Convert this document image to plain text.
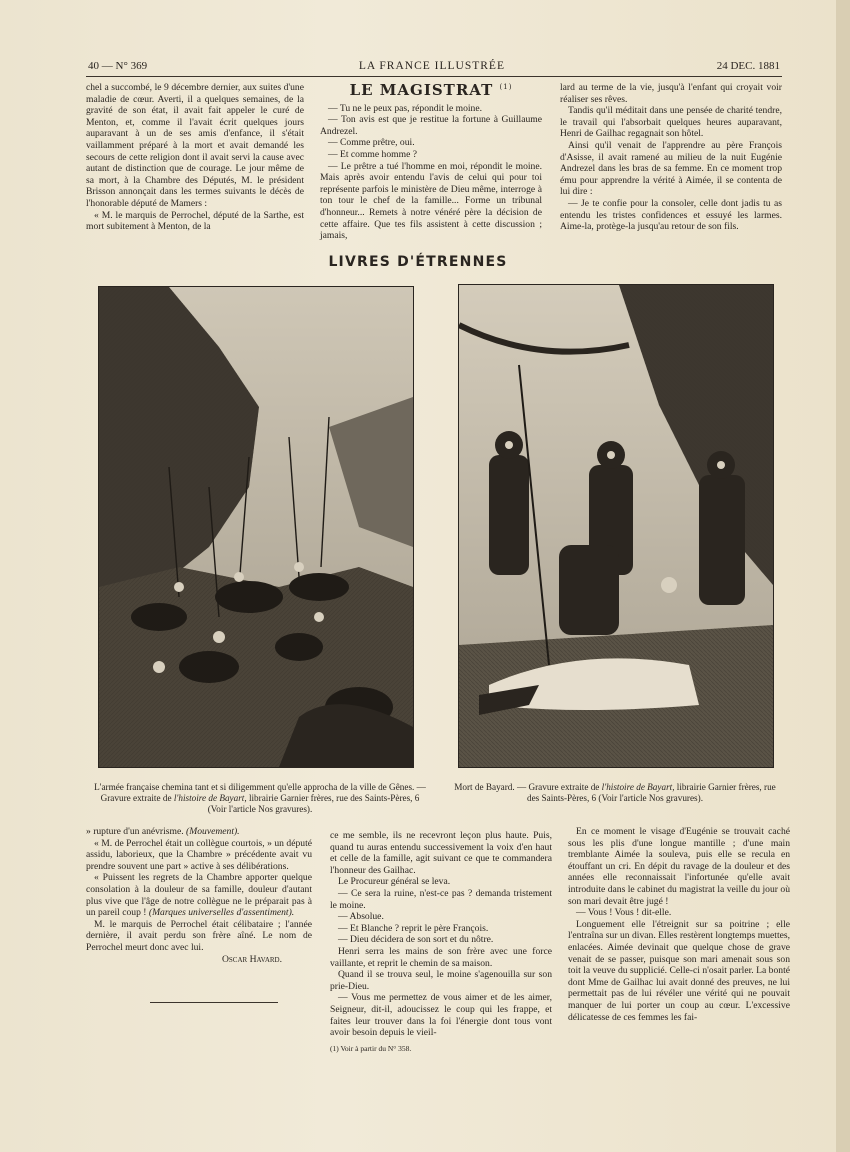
40 — N° 369	LA FRANCE ILLUSTRÉE	24 DEC. 1881

chel a succombé, le 9 décembre dernier, aux suites d'une maladie de cœur. Averti, il a quelques semaines, de la gravité de son état, il avait fait appeler le curé de Menton, et, comme il l'avait écrit quelques jours auparavant à un de ses amis d'enfance, il s'était vaillamment préparé à la mort et avait demandé les secours de cette religion dont il avait servi la cause avec autant de distinction que de courage. Le jour même de sa mort, à la Chambre des Députés, M. le président Brisson annonçait dans les termes suivants le décès de l'honorable député de Mamers :

« M. le marquis de Perrochel, député de la Sarthe, est mort subitement à Menton, de la

LE MAGISTRAT $^{(1)}$

— Tu ne le peux pas, répondit le moine.

— Ton avis est que je restitue la fortune à Guillaume Andrezel.

— Comme prêtre, oui.

— Et comme homme ?

— Le prêtre a tué l'homme en moi, répondit le moine. Mais après avoir entendu l'avis de celui qui pour toi représente parfois le ministère de Dieu même, interroge à ton tour le chef de la famille... Forme un tribunal d'honneur... Remets à notre vénéré père la décision de cette affaire. Que tes fils assistent à cette discussion ; jamais,

lard au terme de la vie, jusqu'à l'enfant qui croyait voir réaliser ses rêves.

Tandis qu'il méditait dans une pensée de charité tendre, le travail qui l'absorbait quelques heures auparavant, Henri de Gailhac regagnait son hôtel.

Ainsi qu'il venait de l'apprendre au père François d'Asisse, il avait ramené au milieu de la nuit Eugénie Andrezel dans les bras de sa femme. En ce moment trop ému pour apprendre la vérité à Aimée, il se contenta de lui dire :

— Je te confie pour la consoler, celle dont jadis tu as entendu les tristes confidences et essuyé les larmes. Aime-la, protège-la jusqu'au retour de son fils.

LIVRES D'ÉTRENNES
L'armée française chemina tant et si diligemment qu'elle approcha de la ville de Gênes. — Gravure extraite de l'histoire de Bayart, librairie Garnier frères, rue des Saints-Pères, 6 (Voir l'article Nos gravures).
Mort de Bayard. — Gravure extraite de l'histoire de Bayart, librairie Garnier frères, rue des Saints-Pères, 6 (Voir l'article Nos gravures).

» rupture d'un anévrisme. (Mouvement).

« M. de Perrochel était un collègue courtois, » un député assidu, laborieux, que la Chambre » précédente avait vu prendre souvent une part » active à ses délibérations.

« Puissent les regrets de la Chambre apporter quelque consolation à la douleur de sa famille, douleur d'autant plus vive que l'âge de notre collègue ne le préparait pas à un pareil coup ! (Marques universelles d'assentiment).

M. le marquis de Perrochel était célibataire ; l'année dernière, il avait perdu son frère aîné. Le nom de Perrochel meurt donc avec lui.

Oscar Havard.

ce me semble, ils ne recevront leçon plus haute. Puis, quand tu auras entendu successivement la voix d'en haut et celle de la famille, agit suivant ce que te commandera l'honneur des Gailhac.

Le Procureur général se leva.

— Ce sera la ruine, n'est-ce pas ? demanda tristement le moine.

— Absolue.

— Et Blanche ? reprit le père François.

— Dieu décidera de son sort et du nôtre.

Henri serra les mains de son frère avec une force vaillante, et reprit le chemin de sa maison.

Quand il se trouva seul, le moine s'agenouilla sur son prie-Dieu.

— Vous me permettez de vous aimer et de les aimer, Seigneur, dit-il, adoucissez le coup qui les frappe, et faites leur trouver dans la foi l'énergie dont tous vont avoir besoin depuis le vieil-

(1) Voir à partir du N° 358.

En ce moment le visage d'Eugénie se trouvait caché sous les plis d'une longue mantille ; d'une main tremblante Aimée la souleva, puis elle se recula en étouffant un cri. En dépit du ravage de la douleur et des années elle reconnaissait l'infortunée qu'elle avait introduite dans le cabinet du magistrat la veille du jour où son mari devait être jugé !

— Vous ! Vous ! dit-elle.

Longuement elle l'étreignit sur sa poitrine ; elle l'entraîna sur un divan. Elles restèrent longtemps muettes, enlacées. Aimée devinait que quelque chose de grave venait de se passer, puisque son mari amenait sous son toit la veuve du supplicié. Celle-ci n'osait parler. La bonté dont Mme de Gailhac lui avait donné des preuves, ne lui permettait pas de lui révéler une vérité qui ne pouvait manquer de lui porter un coup au cœur. L'excessive délicatesse de ces femmes les fai-
